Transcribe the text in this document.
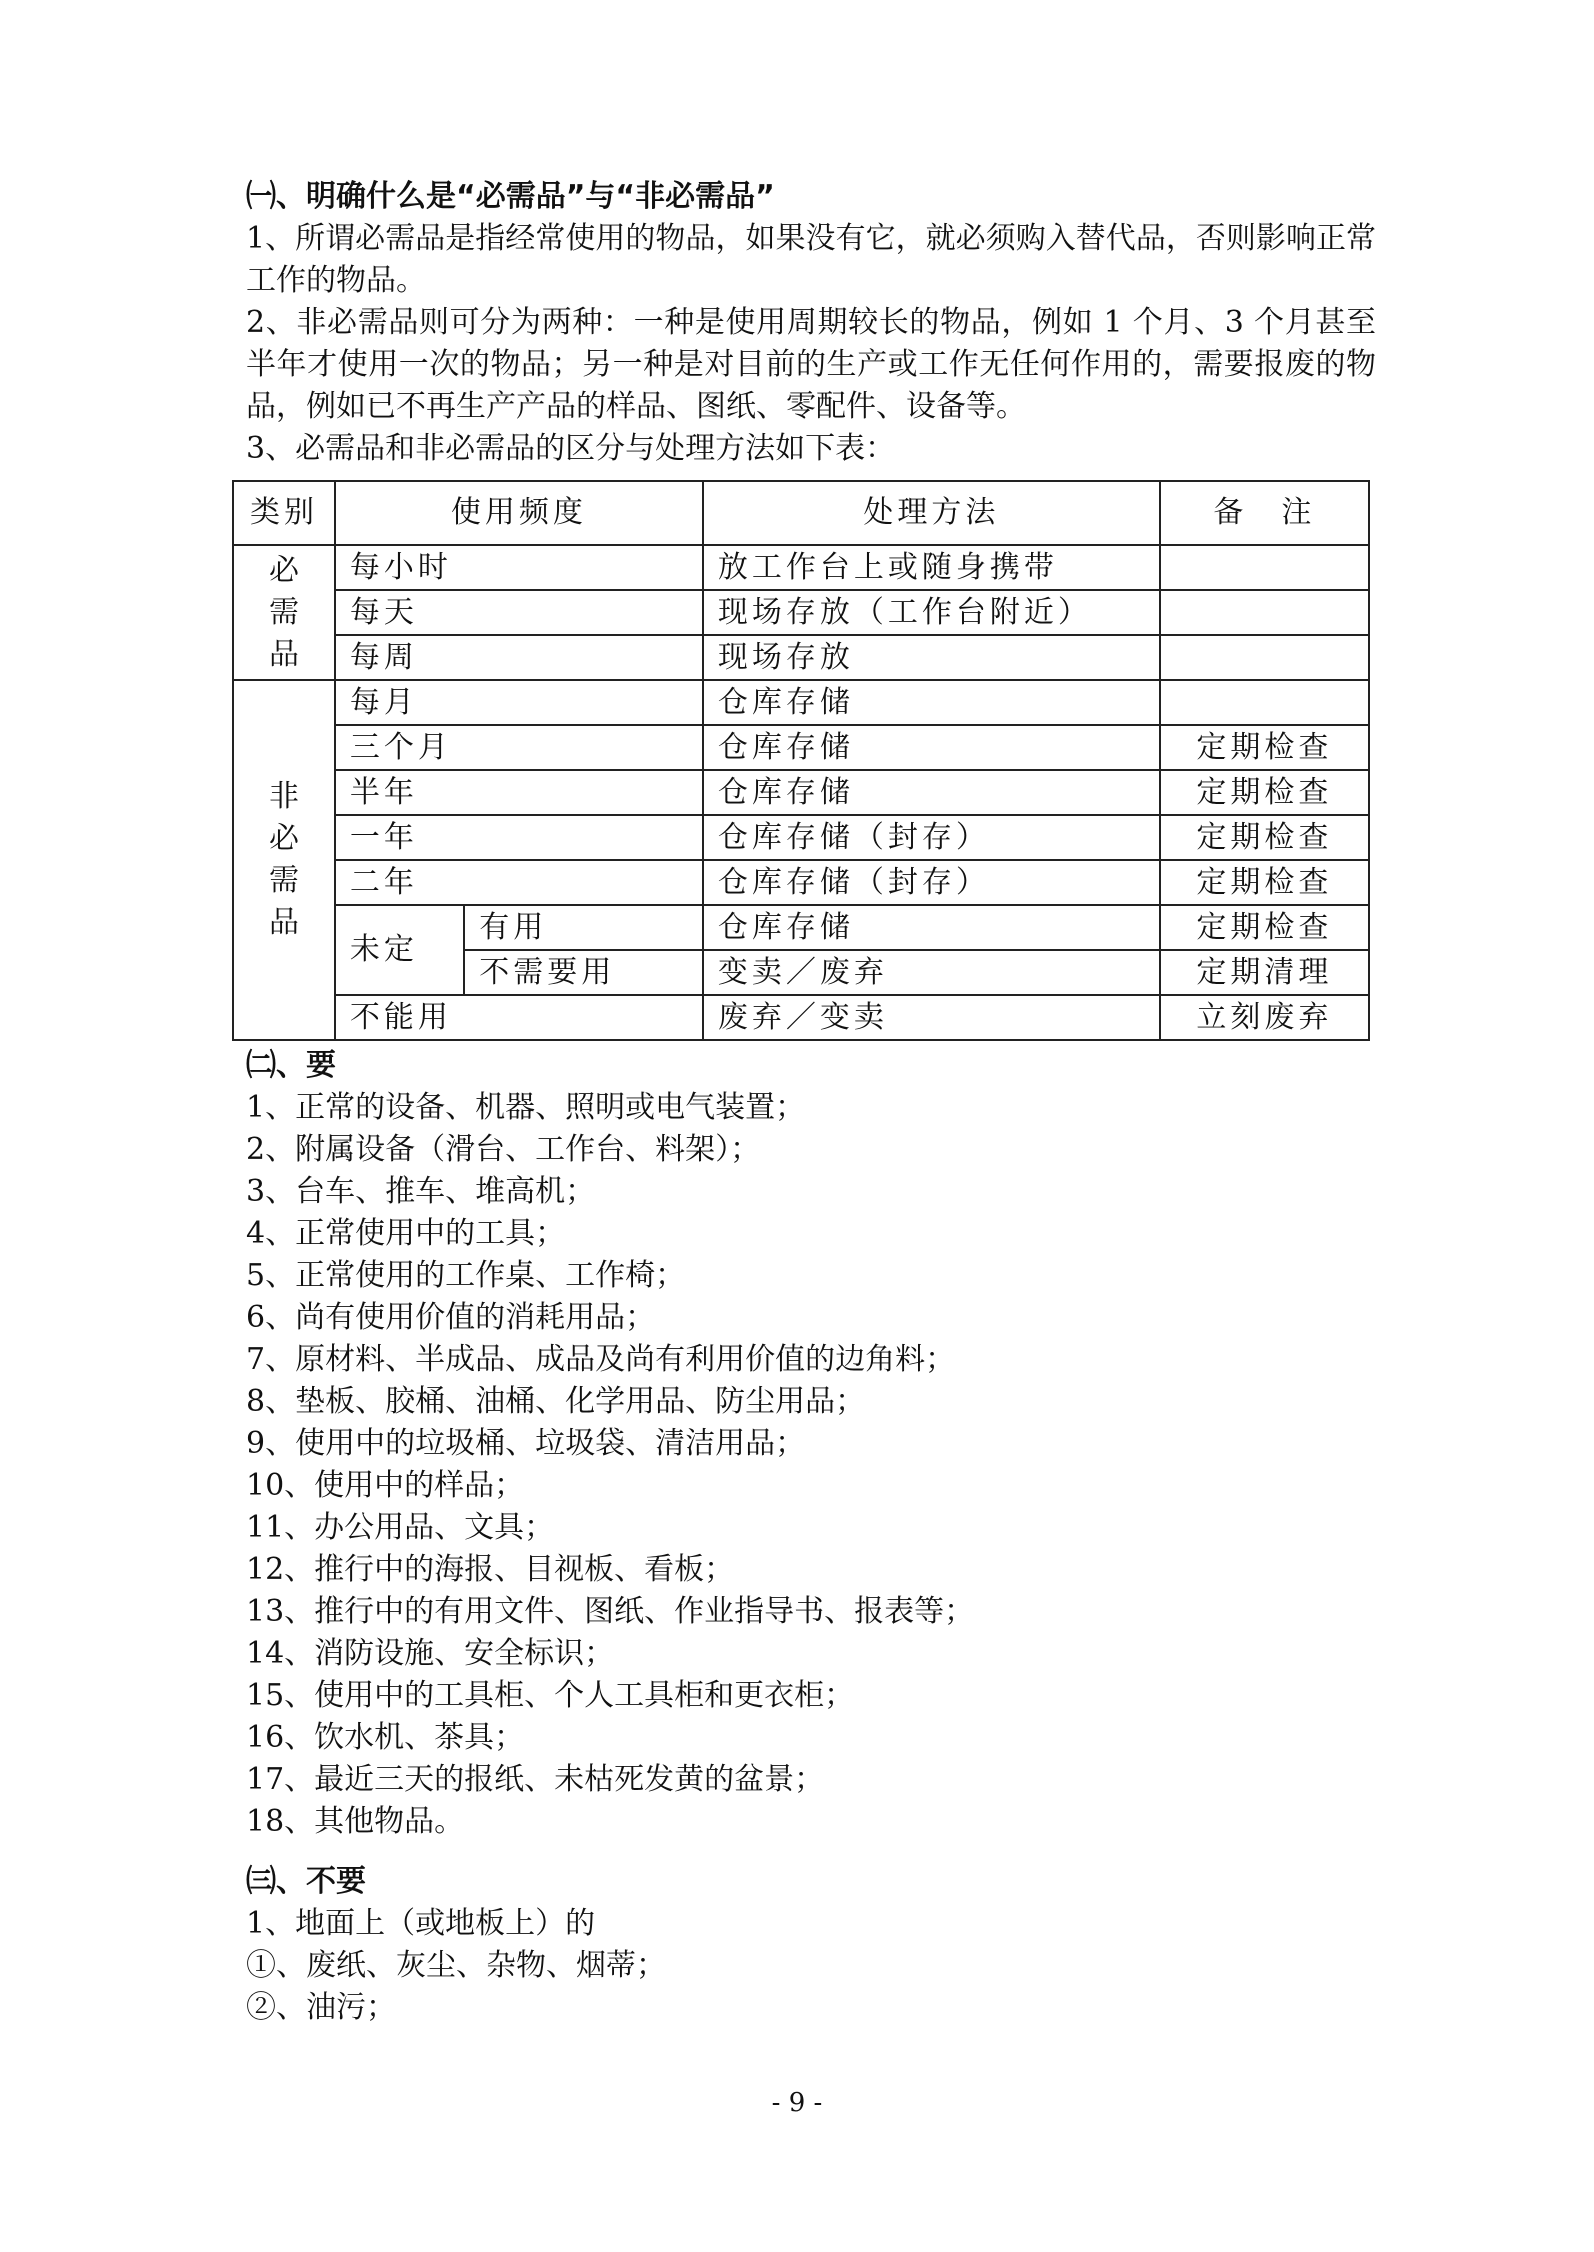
㈠、明确什么是“必需品”与“非必需品”

1、所谓必需品是指经常使用的物品，如果没有它，就必须购入替代品，否则影响正常工作的物品。

2、非必需品则可分为两种：一种是使用周期较长的物品，例如 1 个月、3 个月甚至半年才使用一次的物品；另一种是对目前的生产或工作无任何作用的，需要报废的物品，例如已不再生产产品的样品、图纸、零配件、设备等。

3、必需品和非必需品的区分与处理方法如下表：

类别	使用频度		处理方法	备　注

必需品	每小时		放工作台上或随身携带	
	每天		现场存放（工作台附近）	
	每周		现场存放	

非必需品	每月		仓库存储	
	三个月		仓库存储	定期检查
	半年		仓库存储	定期检查
	一年		仓库存储（封存）	定期检查
	二年		仓库存储（封存）	定期检查
	未定	有用	仓库存储	定期检查
		不需要用	变卖／废弃	定期清理
	不能用		废弃／变卖	立刻废弃

㈡、要

1、正常的设备、机器、照明或电气装置；

2、附属设备（滑台、工作台、料架）；

3、台车、推车、堆高机；

4、正常使用中的工具；

5、正常使用的工作桌、工作椅；

6、尚有使用价值的消耗用品；

7、原材料、半成品、成品及尚有利用价值的边角料；

8、垫板、胶桶、油桶、化学用品、防尘用品；

9、使用中的垃圾桶、垃圾袋、清洁用品；

10、使用中的样品；

11、办公用品、文具；

12、推行中的海报、目视板、看板；

13、推行中的有用文件、图纸、作业指导书、报表等；

14、消防设施、安全标识；

15、使用中的工具柜、个人工具柜和更衣柜；

16、饮水机、茶具；

17、最近三天的报纸、未枯死发黄的盆景；

18、其他物品。

㈢、不要

1、地面上（或地板上）的

①、废纸、灰尘、杂物、烟蒂；

②、油污；

- 9 -
